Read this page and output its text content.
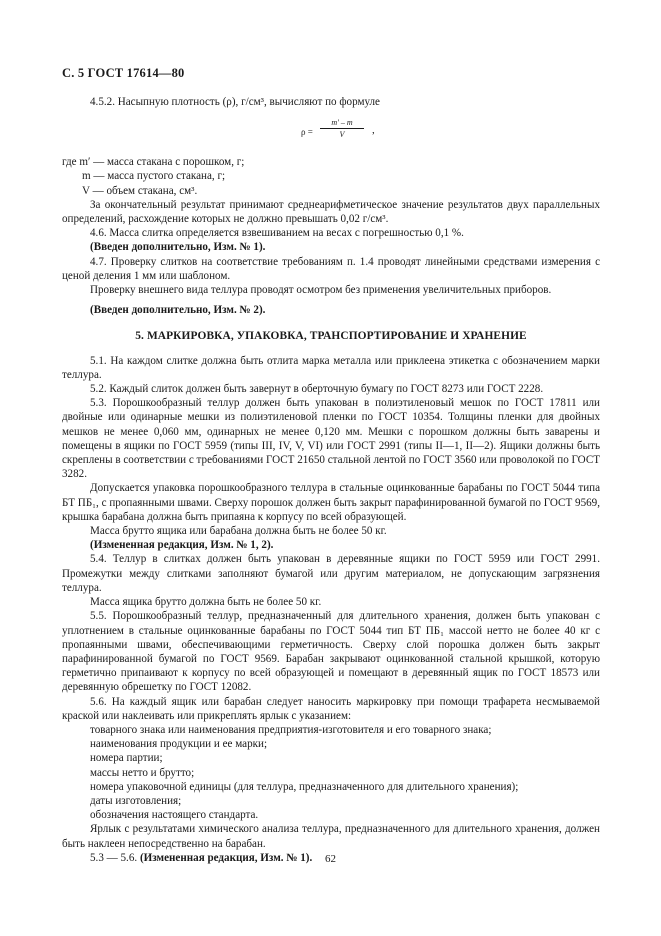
С. 5 ГОСТ 17614—80

4.5.2. Насыпную плотность (ρ), г/см³, вычисляют по формуле

$\rho = \frac{m' - m}{V}$ ,

где m′ — масса стакана с порошком, г;

m — масса пустого стакана, г;

V — объем стакана, см³.

За окончательный результат принимают среднеарифметическое значение результатов двух параллельных определений, расхождение которых не должно превышать 0,02 г/см³.

4.6. Масса слитка определяется взвешиванием на весах с погрешностью 0,1 %.

(Введен дополнительно, Изм. № 1).

4.7. Проверку слитков на соответствие требованиям п. 1.4 проводят линейными средствами измерения с ценой деления 1 мм или шаблоном.

Проверку внешнего вида теллура проводят осмотром без применения увеличительных приборов.

(Введен дополнительно, Изм. № 2).

5. МАРКИРОВКА, УПАКОВКА, ТРАНСПОРТИРОВАНИЕ И ХРАНЕНИЕ

5.1. На каждом слитке должна быть отлита марка металла или приклеена этикетка с обозначением марки теллура.

5.2. Каждый слиток должен быть завернут в оберточную бумагу по ГОСТ 8273 или ГОСТ 2228.

5.3. Порошкообразный теллур должен быть упакован в полиэтиленовый мешок по ГОСТ 17811 или двойные или одинарные мешки из полиэтиленовой пленки по ГОСТ 10354. Толщины пленки для двойных мешков не менее 0,060 мм, одинарных не менее 0,120 мм. Мешки с порошком должны быть заварены и помещены в ящики по ГОСТ 5959 (типы III, IV, V, VI) или ГОСТ 2991 (типы II—1, II—2). Ящики должны быть скреплены в соответствии с требованиями ГОСТ 21650 стальной лентой по ГОСТ 3560 или проволокой по ГОСТ 3282.

Допускается упаковка порошкообразного теллура в стальные оцинкованные барабаны по ГОСТ 5044 типа БТ ПБ₁, с пропаянными швами. Сверху порошок должен быть закрыт парафинированной бумагой по ГОСТ 9569, крышка барабана должна быть припаяна к корпусу по всей образующей.

Масса брутто ящика или барабана должна быть не более 50 кг.

(Измененная редакция, Изм. № 1, 2).

5.4. Теллур в слитках должен быть упакован в деревянные ящики по ГОСТ 5959 или ГОСТ 2991. Промежутки между слитками заполняют бумагой или другим материалом, не допускающим загрязнения теллура.

Масса ящика брутто должна быть не более 50 кг.

5.5. Порошкообразный теллур, предназначенный для длительного хранения, должен быть упакован с уплотнением в стальные оцинкованные барабаны по ГОСТ 5044 тип БТ ПБ₁ массой нетто не более 40 кг с пропаянными швами, обеспечивающими герметичность. Сверху слой порошка должен быть закрыт парафинированной бумагой по ГОСТ 9569. Барабан закрывают оцинкованной стальной крышкой, которую герметично припаивают к корпусу по всей образующей и помещают в деревянный ящик по ГОСТ 18573 или деревянную обрешетку по ГОСТ 12082.

5.6. На каждый ящик или барабан следует наносить маркировку при помощи трафарета несмываемой краской или наклеивать или прикреплять ярлык с указанием:

товарного знака или наименования предприятия-изготовителя и его товарного знака;

наименования продукции и ее марки;

номера партии;

массы нетто и брутто;

номера упаковочной единицы (для теллура, предназначенного для длительного хранения);

даты изготовления;

обозначения настоящего стандарта.

Ярлык с результатами химического анализа теллура, предназначенного для длительного хранения, должен быть наклеен непосредственно на барабан.

5.3 — 5.6. (Измененная редакция, Изм. № 1).	62
